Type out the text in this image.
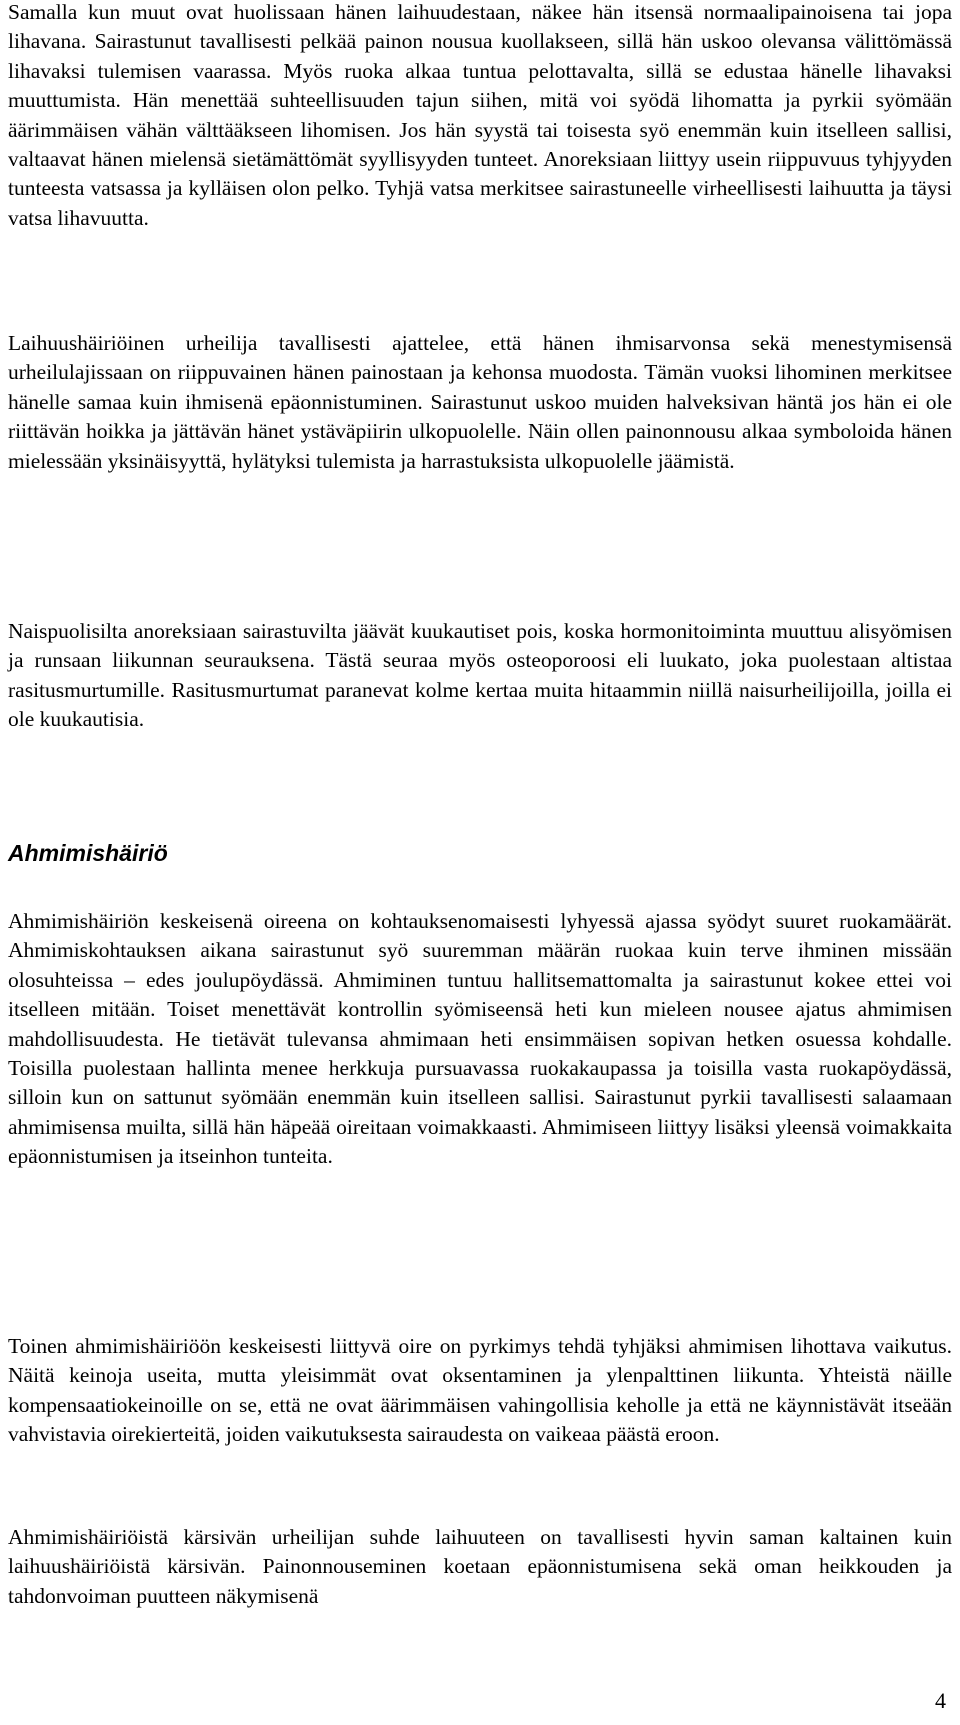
Samalla kun muut ovat huolissaan hänen laihuudestaan, näkee hän itsensä normaalipainoisena tai jopa lihavana. Sairastunut tavallisesti pelkää painon nousua kuollakseen, sillä hän uskoo olevansa välittömässä lihavaksi tulemisen vaarassa. Myös ruoka alkaa tuntua pelottavalta, sillä se edustaa hänelle lihavaksi muuttumista. Hän menettää suhteellisuuden tajun siihen, mitä voi syödä lihomatta ja pyrkii syömään äärimmäisen vähän välttääkseen lihomisen. Jos hän syystä tai toisesta syö enemmän kuin itselleen sallisi, valtaavat hänen mielensä sietämättömät syyllisyyden tunteet. Anoreksiaan liittyy usein riippuvuus tyhjyyden tunteesta vatsassa ja kylläisen olon pelko. Tyhjä vatsa merkitsee sairastuneelle virheellisesti laihuutta ja täysi vatsa lihavuutta.

Laihuushäiriöinen urheilija tavallisesti ajattelee, että hänen ihmisarvonsa sekä menestymisensä urheilulajissaan on riippuvainen hänen painostaan ja kehonsa muodosta. Tämän vuoksi lihominen merkitsee hänelle samaa kuin ihmisenä epäonnistuminen. Sairastunut uskoo muiden halveksivan häntä jos hän ei ole riittävän hoikka ja jättävän hänet ystäväpiirin ulkopuolelle. Näin ollen painonnousu alkaa symboloida hänen mielessään yksinäisyyttä, hylätyksi tulemista ja harrastuksista ulkopuolelle jäämistä.

Naispuolisilta anoreksiaan sairastuvilta jäävät kuukautiset pois, koska hormonitoiminta muuttuu alisyömisen ja runsaan liikunnan seurauksena. Tästä seuraa myös osteoporoosi eli luukato, joka puolestaan altistaa rasitusmurtumille. Rasitusmurtumat paranevat kolme kertaa muita hitaammin niillä naisurheilijoilla, joilla ei ole kuukautisia.

Ahmimishäiriö

Ahmimishäiriön keskeisenä oireena on kohtauksenomaisesti lyhyessä ajassa syödyt suuret ruokamäärät. Ahmimiskohtauksen aikana sairastunut syö suuremman määrän ruokaa kuin terve ihminen missään olosuhteissa – edes joulupöydässä. Ahmiminen tuntuu hallitsemattomalta ja sairastunut kokee ettei voi itselleen mitään. Toiset menettävät kontrollin syömiseensä heti kun mieleen nousee ajatus ahmimisen mahdollisuudesta. He tietävät tulevansa ahmimaan heti ensimmäisen sopivan hetken osuessa kohdalle. Toisilla puolestaan hallinta menee herkkuja pursuavassa ruokakaupassa ja toisilla vasta ruokapöydässä, silloin kun on sattunut syömään enemmän kuin itselleen sallisi. Sairastunut pyrkii tavallisesti salaamaan ahmimisensa muilta, sillä hän häpeää oireitaan voimakkaasti. Ahmimiseen liittyy lisäksi yleensä voimakkaita epäonnistumisen ja itseinhon tunteita.

Toinen ahmimishäiriöön keskeisesti liittyvä oire on pyrkimys tehdä tyhjäksi ahmimisen lihottava vaikutus. Näitä keinoja useita, mutta yleisimmät ovat oksentaminen ja ylenpalttinen liikunta. Yhteistä näille kompensaatiokeinoille on se, että ne ovat äärimmäisen vahingollisia keholle ja että ne käynnistävät itseään vahvistavia oirekierteitä, joiden vaikutuksesta sairaudesta on vaikeaa päästä eroon.

Ahmimishäiriöistä kärsivän urheilijan suhde laihuuteen on tavallisesti hyvin saman kaltainen kuin laihuushäiriöistä kärsivän. Painonnouseminen koetaan epäonnistumisena sekä oman heikkouden ja tahdonvoiman puutteen näkymisenä

4
